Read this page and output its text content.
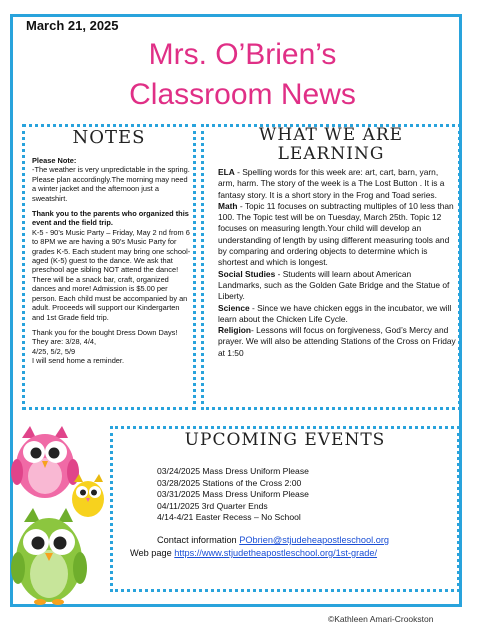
March 21, 2025
Mrs. O’Brien’s
Classroom News
NOTES

Please Note:
-The weather is very unpredictable in the spring. Please plan accordingly.The morning may need a winter jacket and the afternoon just a sweatshirt.

Thank you to the parents who organized this event and the field trip.
K-5 - 90’s Music Party – Friday, May 2 nd from 6 to 8PM we are having a 90’s Music Party for grades K-5. Each student may bring one school-aged (K-5) guest to the dance. We ask that preschool age sibling NOT attend the dance! There will be a snack bar, craft, organized dances and more! Admission is $5.00 per person. Each child must be accompanied by an adult. Proceeds will support our Kindergarten and 1st Grade field trip.

Thank you for the bought Dress Down Days! They are: 3/28, 4/4,
4/25, 5/2, 5/9
I will send home a reminder.

WHAT WE ARE
LEARNING

ELA - Spelling words for this week are: art, cart, barn, yarn, arm, harm. The story of the week is a The Lost Button . It is a fantasy story. It is a short story in the Frog and Toad series.

Math - Topic 11 focuses on subtracting multiples of 10 less than 100. The Topic test will be on Tuesday, March 25th. Topic 12 focuses on measuring length.Your child will develop an understanding of length by using different measuring tools and by comparing and ordering objects to determine which is shortest and which is longest.

Social Studies - Students will learn about American Landmarks, such as the Golden Gate Bridge and the Statue of Liberty.

Science - Since we have chicken eggs in the incubator, we will learn about the Chicken Life Cycle.

Religion- Lessons will focus on forgiveness, God’s Mercy and prayer. We will also be attending Stations of the Cross on Friday at 1:50

UPCOMING EVENTS
03/24/2025 Mass Dress Uniform Please
03/28/2025 Stations of the Cross 2:00
03/31/2025 Mass Dress Uniform Please
04/11/2025 3rd Quarter Ends
4/14-4/21 Easter Recess – No School
Contact information PObrien@stjudeheapostleschool.org
Web page https://www.stjudetheapostleschool.org/1st-grade/
©Kathleen Amari-Crookston
